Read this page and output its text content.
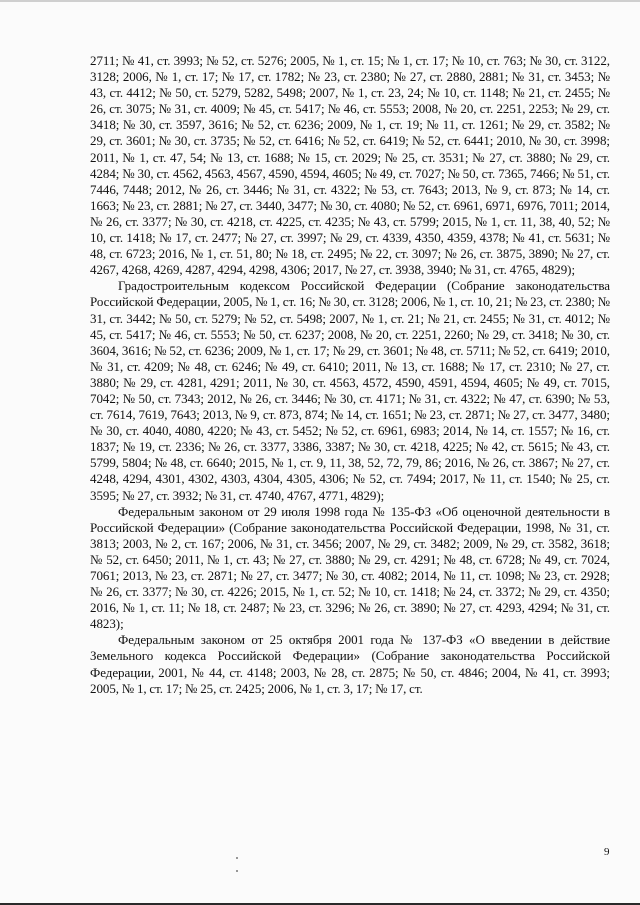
2711; № 41, ст. 3993; № 52, ст. 5276; 2005, № 1, ст. 15; № 1, ст. 17; № 10, ст. 763; № 30, ст. 3122, 3128; 2006, № 1, ст. 17; № 17, ст. 1782; № 23, ст. 2380; № 27, ст. 2880, 2881; № 31, ст. 3453; № 43, ст. 4412; № 50, ст. 5279, 5282, 5498; 2007, № 1, ст. 23, 24; № 10, ст. 1148; № 21, ст. 2455; № 26, ст. 3075; № 31, ст. 4009; № 45, ст. 5417; № 46, ст. 5553; 2008, № 20, ст. 2251, 2253; № 29, ст. 3418; № 30, ст. 3597, 3616; № 52, ст. 6236; 2009, № 1, ст. 19; № 11, ст. 1261; № 29, ст. 3582; № 29, ст. 3601; № 30, ст. 3735; № 52, ст. 6416; № 52, ст. 6419; № 52, ст. 6441; 2010, № 30, ст. 3998; 2011, № 1, ст. 47, 54; № 13, ст. 1688; № 15, ст. 2029; № 25, ст. 3531; № 27, ст. 3880; № 29, ст. 4284; № 30, ст. 4562, 4563, 4567, 4590, 4594, 4605; № 49, ст. 7027; № 50, ст. 7365, 7466; № 51, ст. 7446, 7448; 2012, № 26, ст. 3446; № 31, ст. 4322; № 53, ст. 7643; 2013, № 9, ст. 873; № 14, ст. 1663; № 23, ст. 2881; № 27, ст. 3440, 3477; № 30, ст. 4080; № 52, ст. 6961, 6971, 6976, 7011; 2014, № 26, ст. 3377; № 30, ст. 4218, ст. 4225, ст. 4235; № 43, ст. 5799; 2015, № 1, ст. 11, 38, 40, 52; № 10, ст. 1418; № 17, ст. 2477; № 27, ст. 3997; № 29, ст. 4339, 4350, 4359, 4378; № 41, ст. 5631; № 48, ст. 6723; 2016, № 1, ст. 51, 80; № 18, ст. 2495; № 22, ст. 3097; № 26, ст. 3875, 3890; № 27, ст. 4267, 4268, 4269, 4287, 4294, 4298, 4306; 2017, № 27, ст. 3938, 3940; № 31, ст. 4765, 4829);

Градостроительным кодексом Российской Федерации (Собрание законодательства Российской Федерации, 2005, № 1, ст. 16; № 30, ст. 3128; 2006, № 1, ст. 10, 21; № 23, ст. 2380; № 31, ст. 3442; № 50, ст. 5279; № 52, ст. 5498; 2007, № 1, ст. 21; № 21, ст. 2455; № 31, ст. 4012; № 45, ст. 5417; № 46, ст. 5553; № 50, ст. 6237; 2008, № 20, ст. 2251, 2260; № 29, ст. 3418; № 30, ст. 3604, 3616; № 52, ст. 6236; 2009, № 1, ст. 17; № 29, ст. 3601; № 48, ст. 5711; № 52, ст. 6419; 2010, № 31, ст. 4209; № 48, ст. 6246; № 49, ст. 6410; 2011, № 13, ст. 1688; № 17, ст. 2310; № 27, ст. 3880; № 29, ст. 4281, 4291; 2011, № 30, ст. 4563, 4572, 4590, 4591, 4594, 4605; № 49, ст. 7015, 7042; № 50, ст. 7343; 2012, № 26, ст. 3446; № 30, ст. 4171; № 31, ст. 4322; № 47, ст. 6390; № 53, ст. 7614, 7619, 7643; 2013, № 9, ст. 873, 874; № 14, ст. 1651; № 23, ст. 2871; № 27, ст. 3477, 3480; № 30, ст. 4040, 4080, 4220; № 43, ст. 5452; № 52, ст. 6961, 6983; 2014, № 14, ст. 1557; № 16, ст. 1837; № 19, ст. 2336; № 26, ст. 3377, 3386, 3387; № 30, ст. 4218, 4225; № 42, ст. 5615; № 43, ст. 5799, 5804; № 48, ст. 6640; 2015, № 1, ст. 9, 11, 38, 52, 72, 79, 86; 2016, № 26, ст. 3867; № 27, ст. 4248, 4294, 4301, 4302, 4303, 4304, 4305, 4306; № 52, ст. 7494; 2017, № 11, ст. 1540; № 25, ст. 3595; № 27, ст. 3932; № 31, ст. 4740, 4767, 4771, 4829);

Федеральным законом от 29 июля 1998 года № 135-ФЗ «Об оценочной деятельности в Российской Федерации» (Собрание законодательства Российской Федерации, 1998, № 31, ст. 3813; 2003, № 2, ст. 167; 2006, № 31, ст. 3456; 2007, № 29, ст. 3482; 2009, № 29, ст. 3582, 3618; № 52, ст. 6450; 2011, № 1, ст. 43; № 27, ст. 3880; № 29, ст. 4291; № 48, ст. 6728; № 49, ст. 7024, 7061; 2013, № 23, ст. 2871; № 27, ст. 3477; № 30, ст. 4082; 2014, № 11, ст. 1098; № 23, ст. 2928; № 26, ст. 3377; № 30, ст. 4226; 2015, № 1, ст. 52; № 10, ст. 1418; № 24, ст. 3372; № 29, ст. 4350; 2016, № 1, ст. 11; № 18, ст. 2487; № 23, ст. 3296; № 26, ст. 3890; № 27, ст. 4293, 4294; № 31, ст. 4823);

Федеральным законом от 25 октября 2001 года № 137-ФЗ «О введении в действие Земельного кодекса Российской Федерации» (Собрание законодательства Российской Федерации, 2001, № 44, ст. 4148; 2003, № 28, ст. 2875; № 50, ст. 4846; 2004, № 41, ст. 3993; 2005, № 1, ст. 17; № 25, ст. 2425; 2006, № 1, ст. 3, 17; № 17, ст.

9
